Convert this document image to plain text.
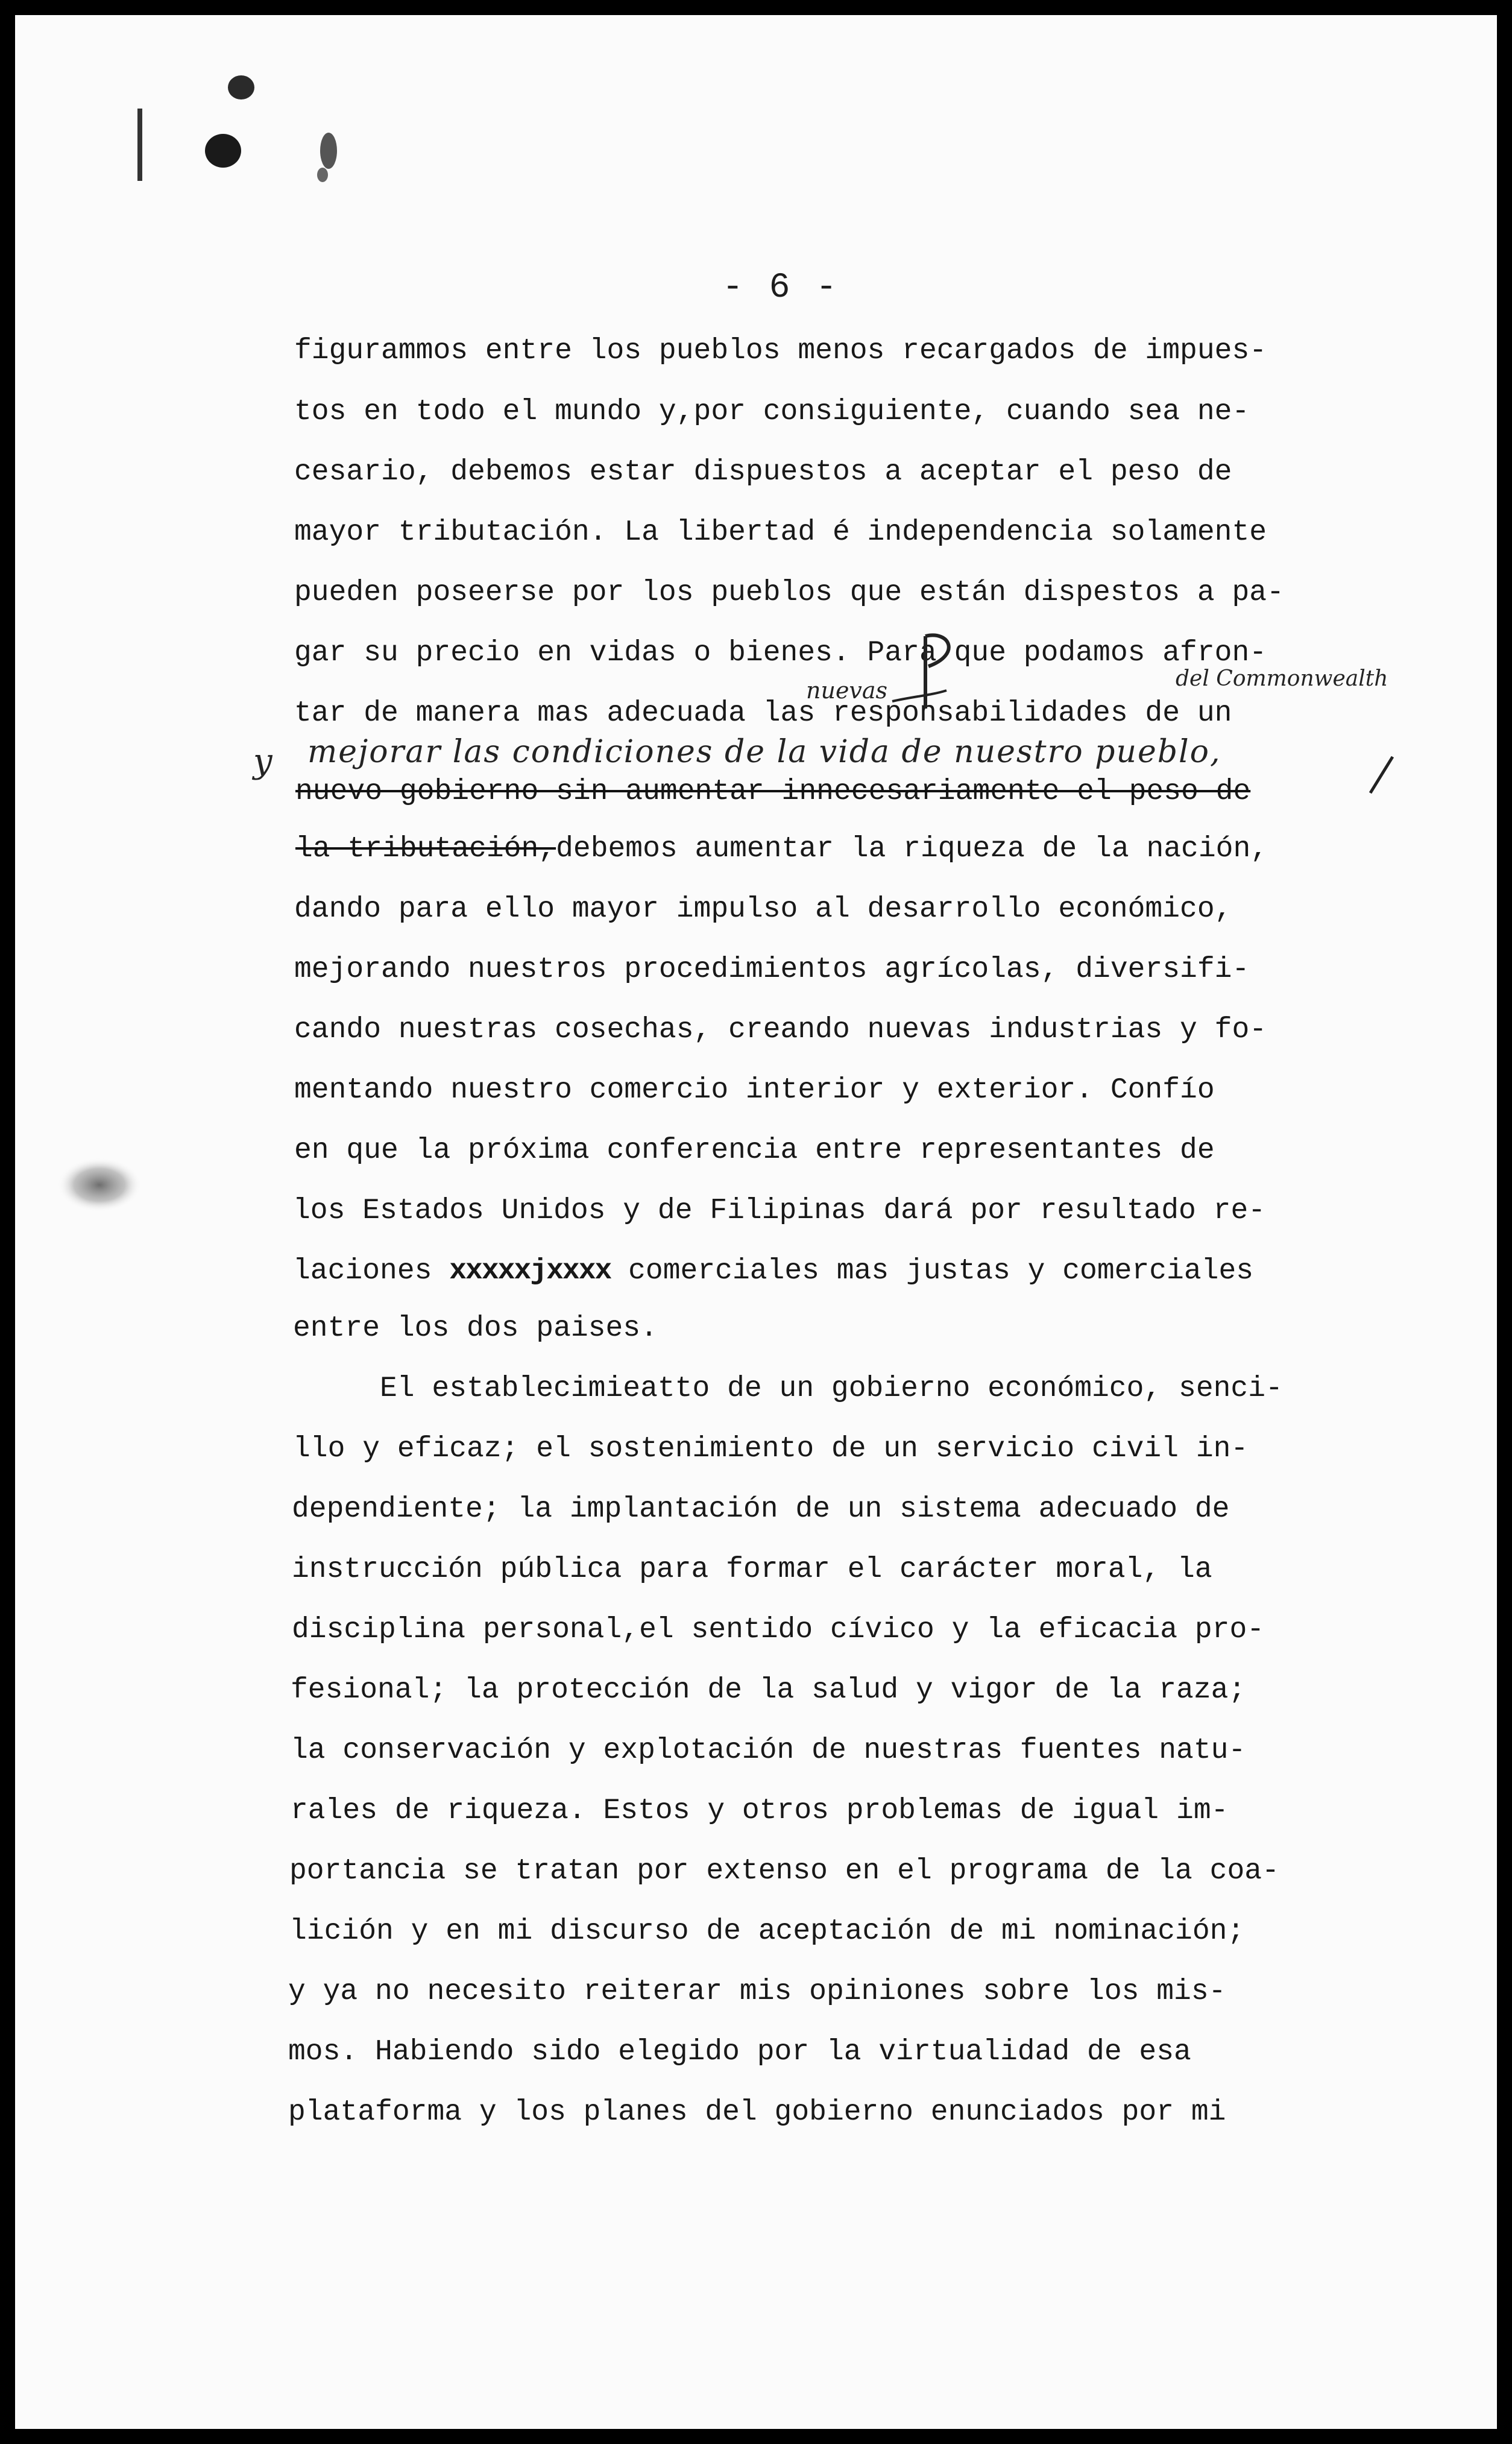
- 6 -

figurammos entre los pueblos menos recargados de impues-

tos en todo el mundo y,por consiguiente, cuando sea ne-

cesario, debemos estar dispuestos a aceptar el peso de

mayor tributación. La libertad é independencia solamente

pueden poseerse por los pueblos que están dispestos a pa-

gar su precio en vidas o bienes. Para que podamos afron-

tar de manera mas adecuada las responsabilidades de un

nuevo gobierno sin aumentar innecesariamente el peso de

la tributación,debemos aumentar la riqueza de la nación,

dando para ello mayor impulso al desarrollo económico,

mejorando nuestros procedimientos agrícolas, diversifi-

cando nuestras cosechas, creando nuevas industrias y fo-

mentando nuestro comercio interior y exterior. Confío

en que la próxima conferencia entre representantes de

los Estados Unidos y de Filipinas dará por resultado re-

laciones xxxxxjxxxx comerciales mas justas y comerciales

entre los dos paises.

El establecimieatto de un gobierno económico, senci-

llo y eficaz; el sostenimiento de un servicio civil in-

dependiente; la implantación de un sistema adecuado de

instrucción pública para formar el carácter moral, la

disciplina personal,el sentido cívico y la eficacia pro-

fesional; la protección de la salud y vigor de la raza;

la conservación y explotación de nuestras fuentes natu-

rales de riqueza. Estos y otros problemas de igual im-

portancia se tratan por extenso en el programa de la coa-

lición y en mi discurso de aceptación de mi nominación;

y ya no necesito reiterar mis opiniones sobre los mis-

mos. Habiendo sido elegido por la virtualidad de esa

plataforma y los planes del gobierno enunciados por mi

y mejorar las condiciones de la vida de nuestro pueblo,

nuevas	del Commonwealth
